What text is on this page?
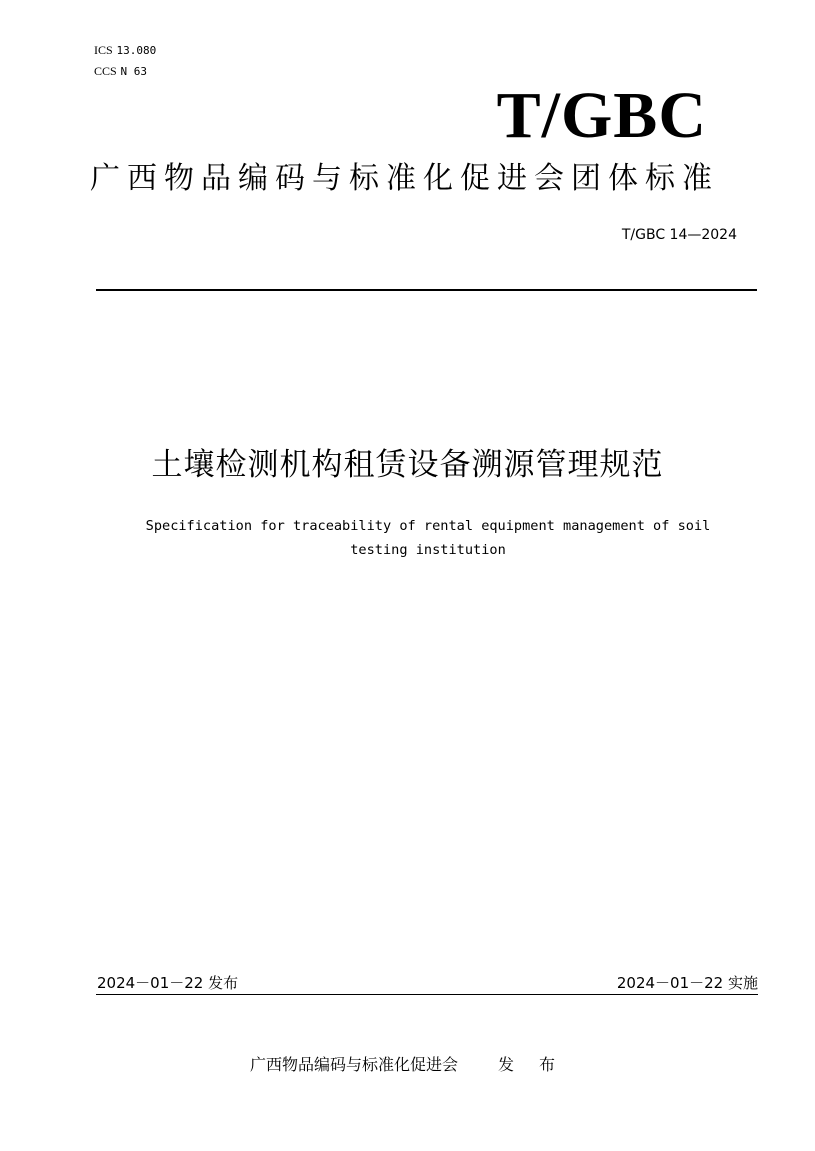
ICS 13.080
CCS N 63
T/GBC
广西物品编码与标准化促进会团体标准
T/GBC 14—2024
土壤检测机构租赁设备溯源管理规范
Specification for traceability of rental equipment management of soil
testing institution
2024－01－22 发布	2024－01－22 实施
广西物品编码与标准化促进会	发 布
